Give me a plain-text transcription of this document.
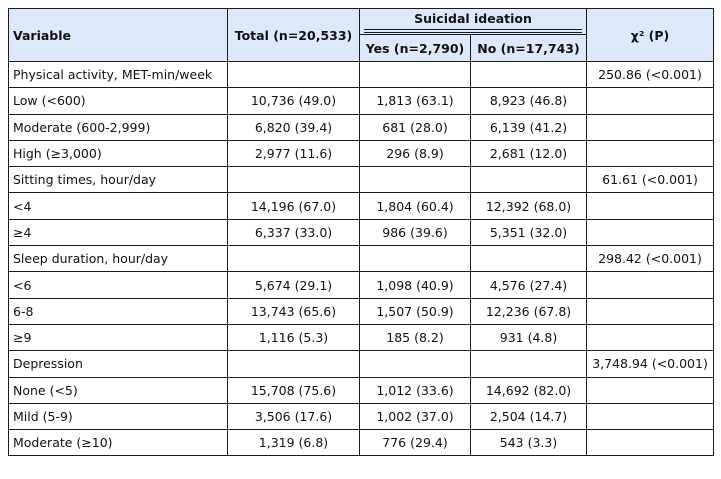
Variable	Total (n=20,533)	Suicidal ideation		χ² (P)
		Yes (n=2,790)	No (n=17,743)	
Physical activity, MET-min/week				250.86 (<0.001)
Low (<600)	10,736 (49.0)	1,813 (63.1)	8,923 (46.8)	
Moderate (600-2,999)	6,820 (39.4)	681 (28.0)	6,139 (41.2)	
High (≥3,000)	2,977 (11.6)	296 (8.9)	2,681 (12.0)	
Sitting times, hour/day				61.61 (<0.001)
<4	14,196 (67.0)	1,804 (60.4)	12,392 (68.0)	
≥4	6,337 (33.0)	986 (39.6)	5,351 (32.0)	
Sleep duration, hour/day				298.42 (<0.001)
<6	5,674 (29.1)	1,098 (40.9)	4,576 (27.4)	
6-8	13,743 (65.6)	1,507 (50.9)	12,236 (67.8)	
≥9	1,116 (5.3)	185 (8.2)	931 (4.8)	
Depression				3,748.94 (<0.001)
None (<5)	15,708 (75.6)	1,012 (33.6)	14,692 (82.0)	
Mild (5-9)	3,506 (17.6)	1,002 (37.0)	2,504 (14.7)	
Moderate (≥10)	1,319 (6.8)	776 (29.4)	543 (3.3)	
